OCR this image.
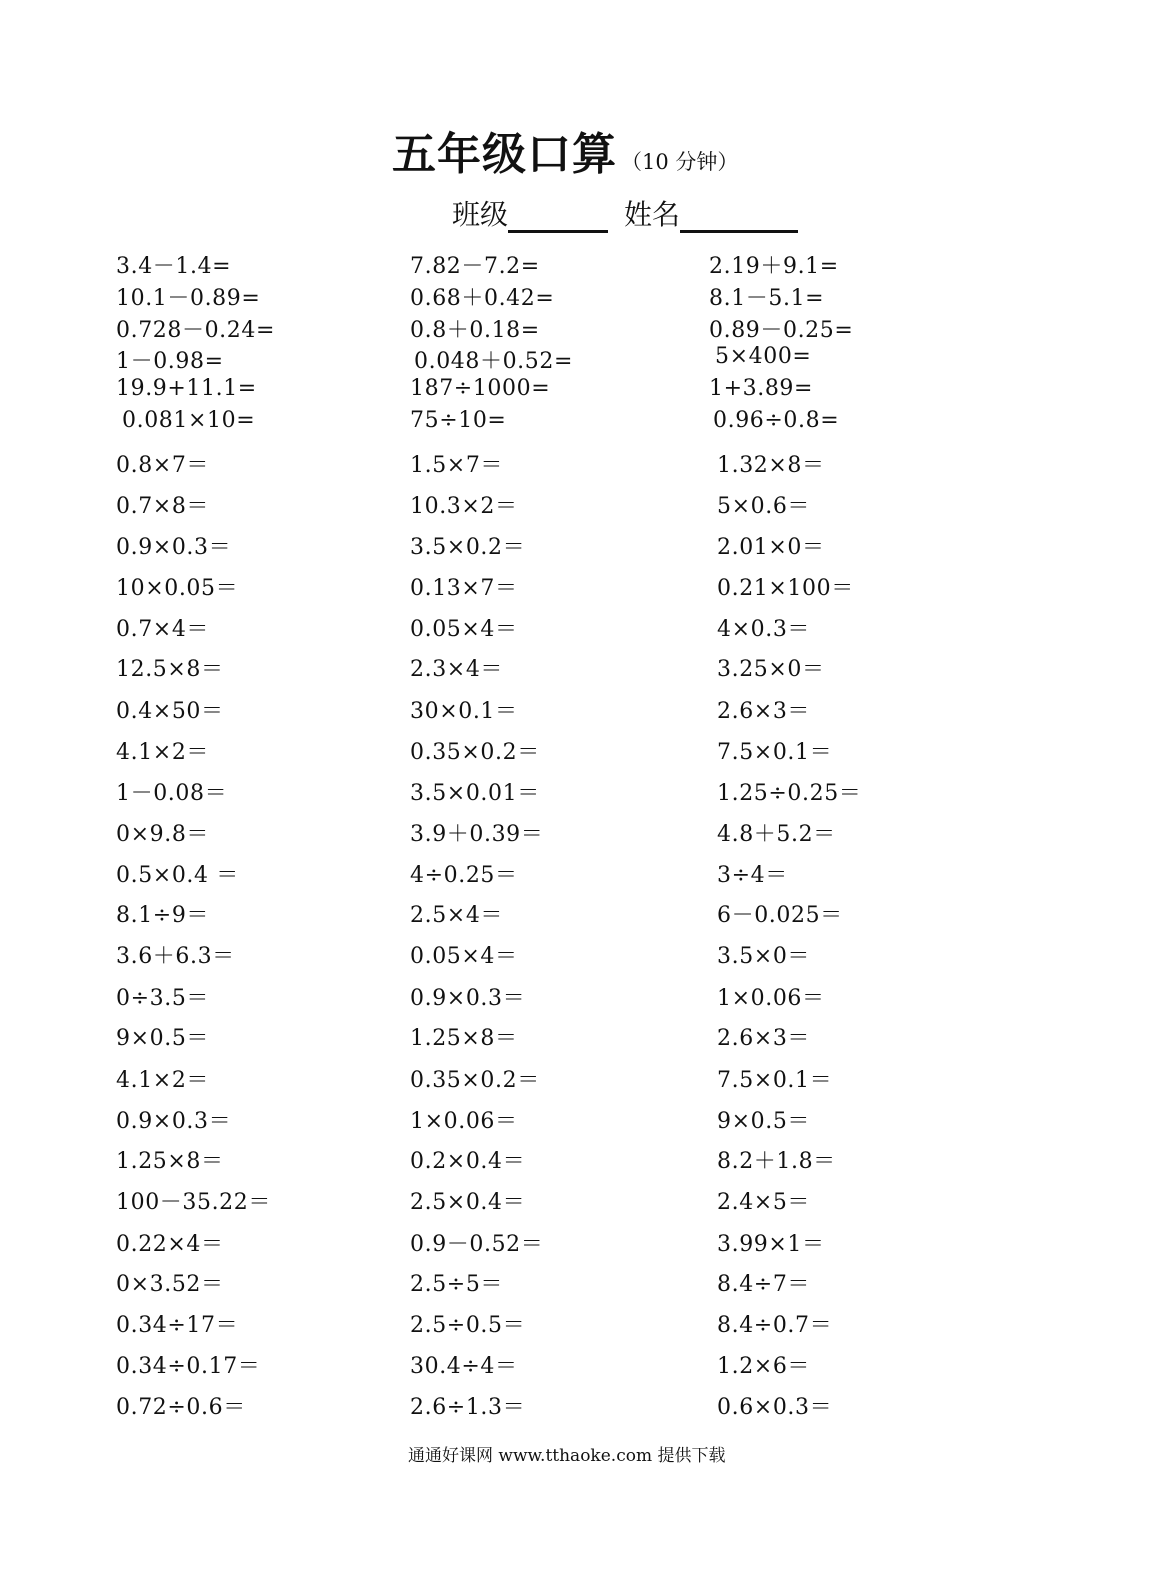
五年级口算 （10 分钟）
班级	姓名
3.4－1.4=
10.1－0.89=
0.728－0.24=
1－0.98=
19.9+11.1=
0.081×10=
0.8×7＝
0.7×8＝
0.9×0.3＝
10×0.05＝
0.7×4＝
12.5×8＝
0.4×50＝
4.1×2＝
1－0.08＝
0×9.8＝
0.5×0.4 ＝
8.1÷9＝
3.6＋6.3＝
0÷3.5＝
9×0.5＝
4.1×2＝
0.9×0.3＝
1.25×8＝
100－35.22＝
0.22×4＝
0×3.52＝
0.34÷17＝
0.34÷0.17＝
0.72÷0.6＝
7.82－7.2=
0.68＋0.42=
0.8＋0.18=
0.048＋0.52=
187÷1000=
75÷10=
1.5×7＝
10.3×2＝
3.5×0.2＝
0.13×7＝
0.05×4＝
2.3×4＝
30×0.1＝
0.35×0.2＝
3.5×0.01＝
3.9＋0.39＝
4÷0.25＝
2.5×4＝
0.05×4＝
0.9×0.3＝
1.25×8＝
0.35×0.2＝
1×0.06＝
0.2×0.4＝
2.5×0.4＝
0.9－0.52＝
2.5÷5＝
2.5÷0.5＝
30.4÷4＝
2.6÷1.3＝
2.19＋9.1=
8.1－5.1=
0.89－0.25=
5×400=
1+3.89=
0.96÷0.8=
1.32×8＝
5×0.6＝
2.01×0＝
0.21×100＝
4×0.3＝
3.25×0＝
2.6×3＝
7.5×0.1＝
1.25÷0.25＝
4.8＋5.2＝
3÷4＝
6－0.025＝
3.5×0＝
1×0.06＝
2.6×3＝
7.5×0.1＝
9×0.5＝
8.2＋1.8＝
2.4×5＝
3.99×1＝
8.4÷7＝
8.4÷0.7＝
1.2×6＝
0.6×0.3＝
通通好课网 www.tthaoke.com 提供下载
